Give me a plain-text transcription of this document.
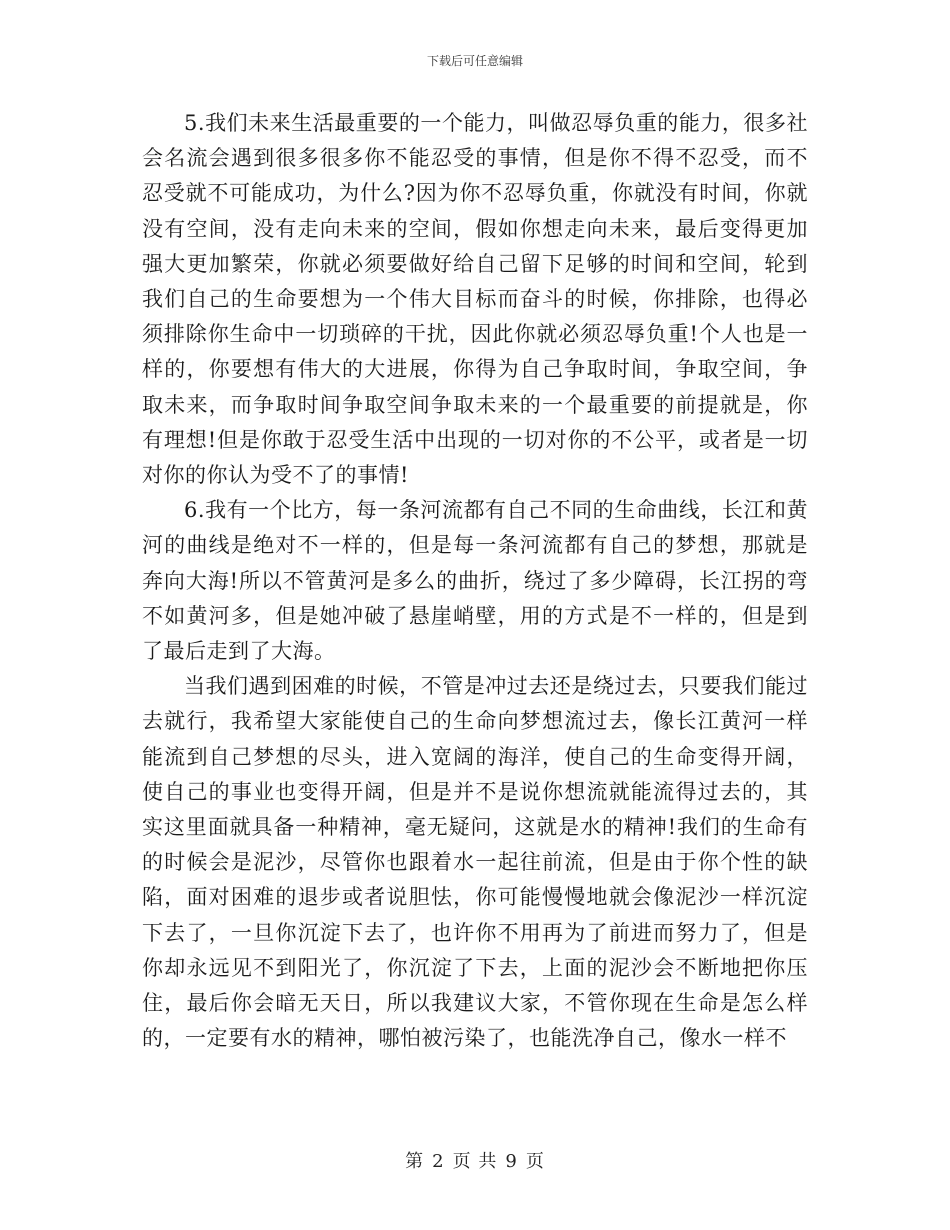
下载后可任意编辑

5.我们未来生活最重要的一个能力，叫做忍辱负重的能力，很多社会名流会遇到很多很多你不能忍受的事情，但是你不得不忍受，而不忍受就不可能成功，为什么?因为你不忍辱负重，你就没有时间，你就没有空间，没有走向未来的空间，假如你想走向未来，最后变得更加强大更加繁荣，你就必须要做好给自己留下足够的时间和空间，轮到我们自己的生命要想为一个伟大目标而奋斗的时候，你排除，也得必须排除你生命中一切琐碎的干扰，因此你就必须忍辱负重!个人也是一样的，你要想有伟大的大进展，你得为自己争取时间，争取空间，争取未来，而争取时间争取空间争取未来的一个最重要的前提就是，你有理想!但是你敢于忍受生活中出现的一切对你的不公平，或者是一切对你的你认为受不了的事情!

6.我有一个比方，每一条河流都有自己不同的生命曲线，长江和黄河的曲线是绝对不一样的，但是每一条河流都有自己的梦想，那就是奔向大海!所以不管黄河是多么的曲折，绕过了多少障碍，长江拐的弯不如黄河多，但是她冲破了悬崖峭壁，用的方式是不一样的，但是到了最后走到了大海。

当我们遇到困难的时候，不管是冲过去还是绕过去，只要我们能过去就行，我希望大家能使自己的生命向梦想流过去，像长江黄河一样能流到自己梦想的尽头，进入宽阔的海洋，使自己的生命变得开阔，使自己的事业也变得开阔，但是并不是说你想流就能流得过去的，其实这里面就具备一种精神，毫无疑问，这就是水的精神!我们的生命有的时候会是泥沙，尽管你也跟着水一起往前流，但是由于你个性的缺陷，面对困难的退步或者说胆怯，你可能慢慢地就会像泥沙一样沉淀下去了，一旦你沉淀下去了，也许你不用再为了前进而努力了，但是你却永远见不到阳光了，你沉淀了下去，上面的泥沙会不断地把你压住，最后你会暗无天日，所以我建议大家，不管你现在生命是怎么样的，一定要有水的精神，哪怕被污染了，也能洗净自己，像水一样不

第 2 页 共 9 页
